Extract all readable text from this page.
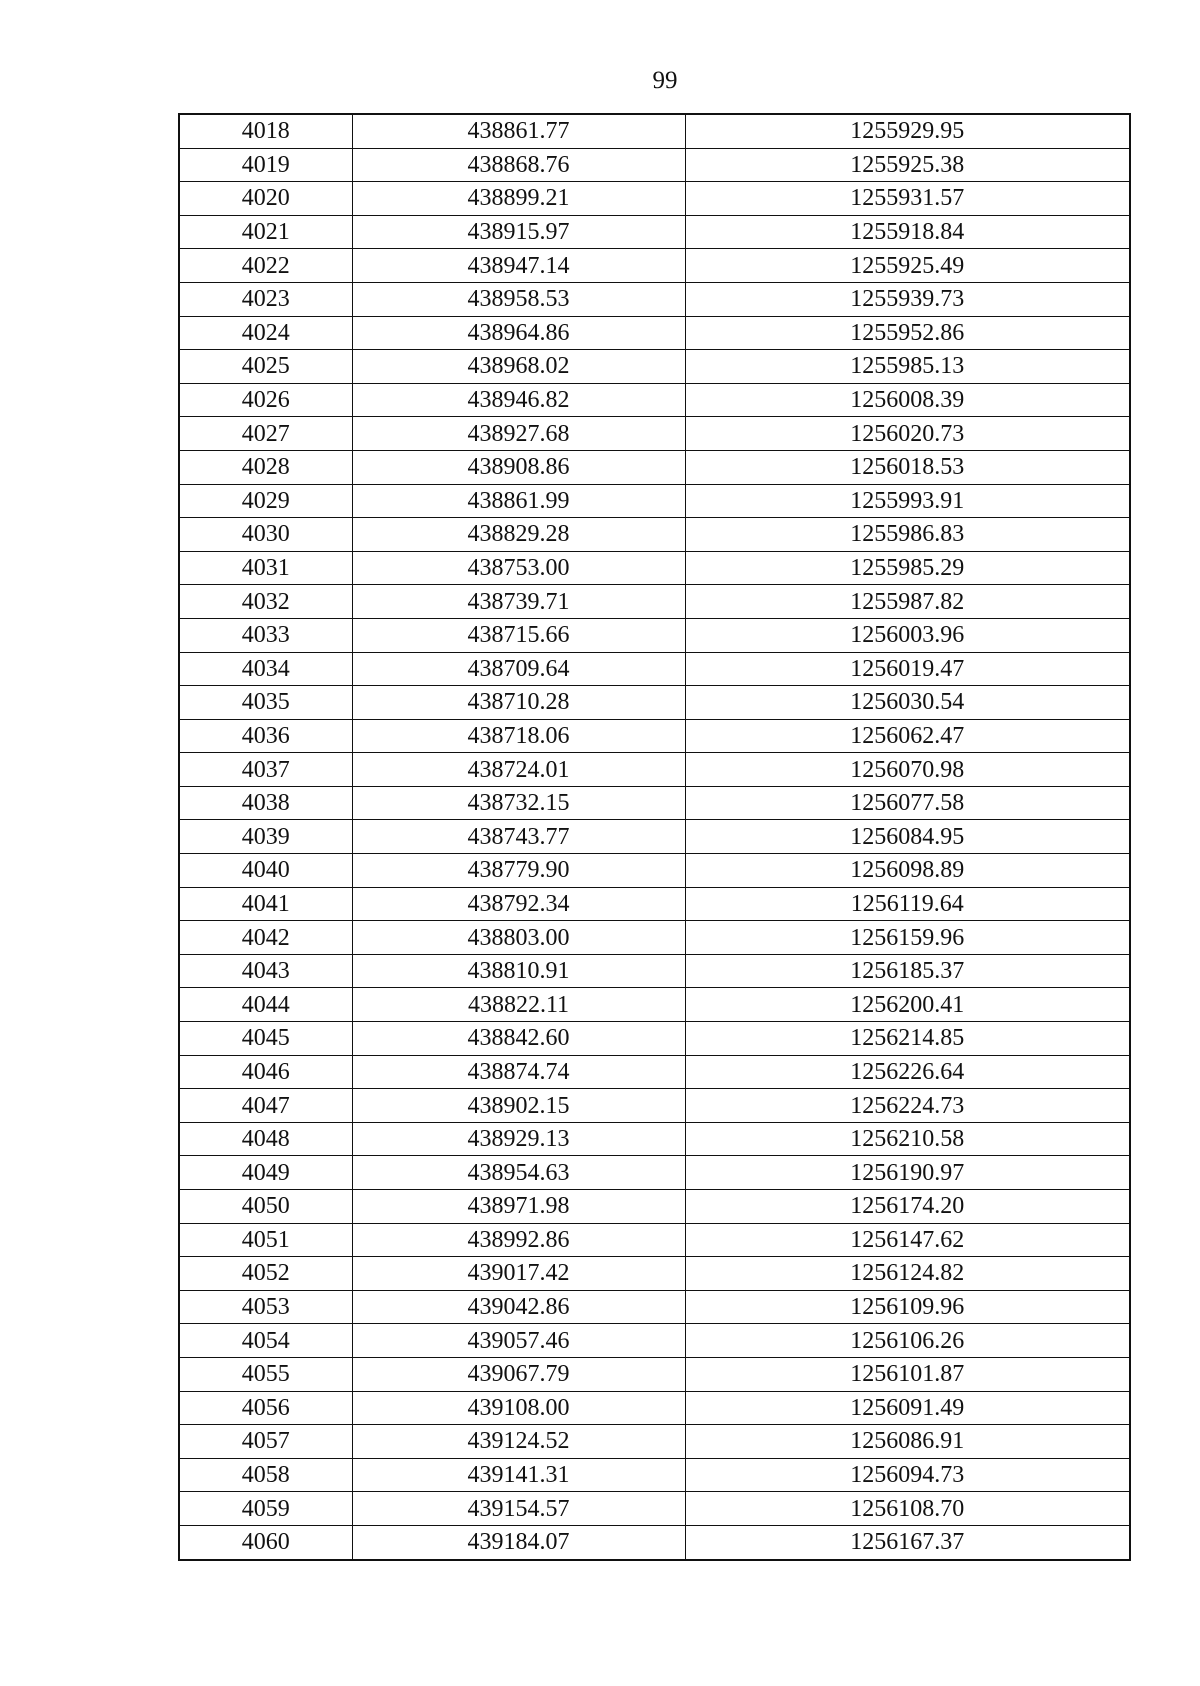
99
4018	438861.77	1255929.95
4019	438868.76	1255925.38
4020	438899.21	1255931.57
4021	438915.97	1255918.84
4022	438947.14	1255925.49
4023	438958.53	1255939.73
4024	438964.86	1255952.86
4025	438968.02	1255985.13
4026	438946.82	1256008.39
4027	438927.68	1256020.73
4028	438908.86	1256018.53
4029	438861.99	1255993.91
4030	438829.28	1255986.83
4031	438753.00	1255985.29
4032	438739.71	1255987.82
4033	438715.66	1256003.96
4034	438709.64	1256019.47
4035	438710.28	1256030.54
4036	438718.06	1256062.47
4037	438724.01	1256070.98
4038	438732.15	1256077.58
4039	438743.77	1256084.95
4040	438779.90	1256098.89
4041	438792.34	1256119.64
4042	438803.00	1256159.96
4043	438810.91	1256185.37
4044	438822.11	1256200.41
4045	438842.60	1256214.85
4046	438874.74	1256226.64
4047	438902.15	1256224.73
4048	438929.13	1256210.58
4049	438954.63	1256190.97
4050	438971.98	1256174.20
4051	438992.86	1256147.62
4052	439017.42	1256124.82
4053	439042.86	1256109.96
4054	439057.46	1256106.26
4055	439067.79	1256101.87
4056	439108.00	1256091.49
4057	439124.52	1256086.91
4058	439141.31	1256094.73
4059	439154.57	1256108.70
4060	439184.07	1256167.37
